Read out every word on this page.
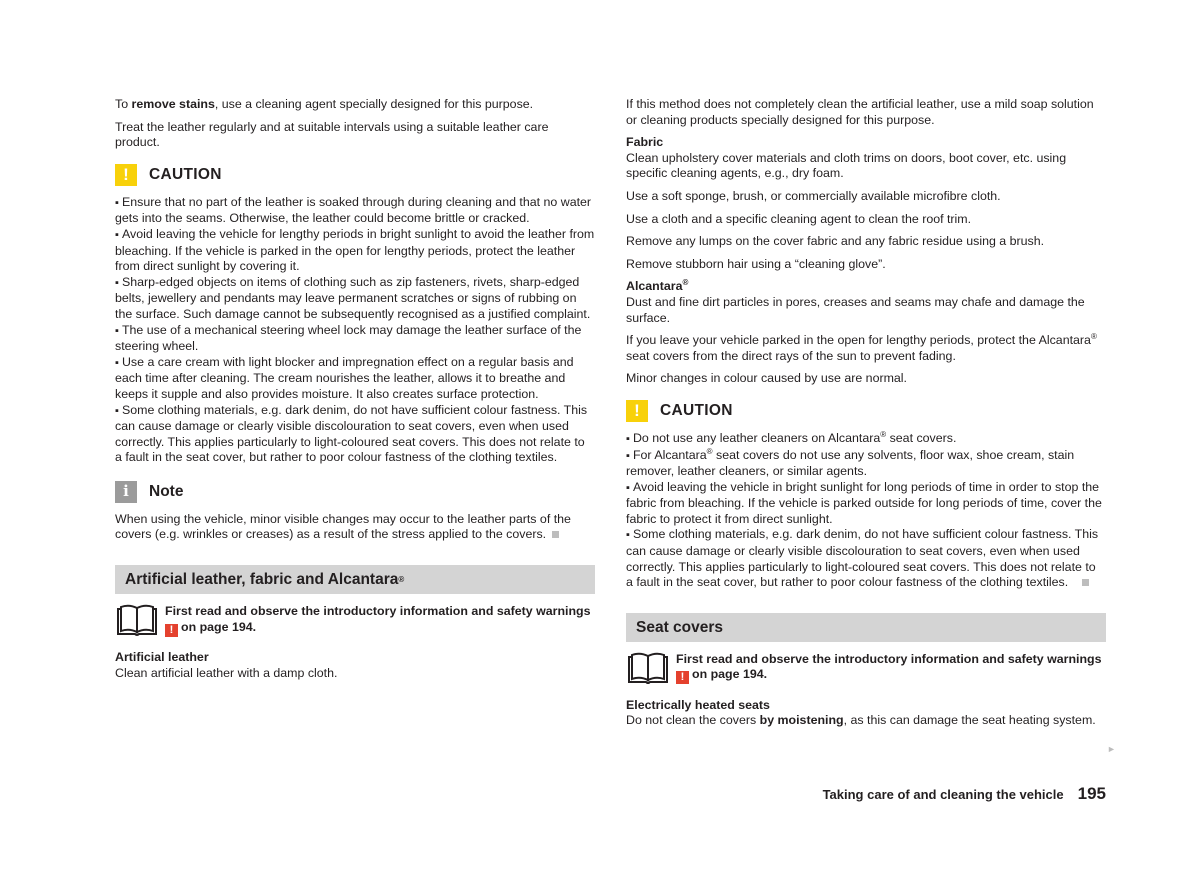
To remove stains, use a cleaning agent specially designed for this purpose.

Treat the leather regularly and at suitable intervals using a suitable leather care product.

! CAUTION
▪ Ensure that no part of the leather is soaked through during cleaning and that no water gets into the seams. Otherwise, the leather could become brittle or cracked.
▪ Avoid leaving the vehicle for lengthy periods in bright sunlight to avoid the leather from bleaching. If the vehicle is parked in the open for lengthy periods, protect the leather from direct sunlight by covering it.
▪ Sharp-edged objects on items of clothing such as zip fasteners, rivets, sharp-edged belts, jewellery and pendants may leave permanent scratches or signs of rubbing on the surface. Such damage cannot be subsequently recognised as a justified complaint.
▪ The use of a mechanical steering wheel lock may damage the leather surface of the steering wheel.
▪ Use a care cream with light blocker and impregnation effect on a regular basis and each time after cleaning. The cream nourishes the leather, allows it to breathe and keeps it supple and also provides moisture. It also creates surface protection.
▪ Some clothing materials, e.g. dark denim, do not have sufficient colour fastness. This can cause damage or clearly visible discolouration to seat covers, even when used correctly. This applies particularly to light-coloured seat covers. This does not relate to a fault in the seat cover, but rather to poor colour fastness of the clothing textiles.
i Note

When using the vehicle, minor visible changes may occur to the leather parts of the covers (e.g. wrinkles or creases) as a result of the stress applied to the covers.

Artificial leather, fabric and Alcantara ®
First read and observe the introductory information and safety warnings ! on page 194.

Artificial leather

Clean artificial leather with a damp cloth.

If this method does not completely clean the artificial leather, use a mild soap solution or cleaning products specially designed for this purpose.

Fabric

Clean upholstery cover materials and cloth trims on doors, boot cover, etc. using specific cleaning agents, e.g., dry foam.

Use a soft sponge, brush, or commercially available microfibre cloth.

Use a cloth and a specific cleaning agent to clean the roof trim.

Remove any lumps on the cover fabric and any fabric residue using a brush.

Remove stubborn hair using a “cleaning glove”.

Alcantara®

Dust and fine dirt particles in pores, creases and seams may chafe and damage the surface.

If you leave your vehicle parked in the open for lengthy periods, protect the Alcantara® seat covers from the direct rays of the sun to prevent fading.

Minor changes in colour caused by use are normal.

! CAUTION
▪ Do not use any leather cleaners on Alcantara® seat covers.
▪ For Alcantara® seat covers do not use any solvents, floor wax, shoe cream, stain remover, leather cleaners, or similar agents.
▪ Avoid leaving the vehicle in bright sunlight for long periods of time in order to stop the fabric from bleaching. If the vehicle is parked outside for long periods of time, cover the fabric to protect it from direct sunlight.
▪ Some clothing materials, e.g. dark denim, do not have sufficient colour fastness. This can cause damage or clearly visible discolouration to seat covers, even when used correctly. This applies particularly to light-coloured seat covers. This does not relate to a fault in the seat cover, but rather to poor colour fastness of the clothing textiles.
Seat covers
First read and observe the introductory information and safety warnings ! on page 194.

Electrically heated seats

Do not clean the covers by moistening, as this can damage the seat heating system.

►
Taking care of and cleaning the vehicle 195
